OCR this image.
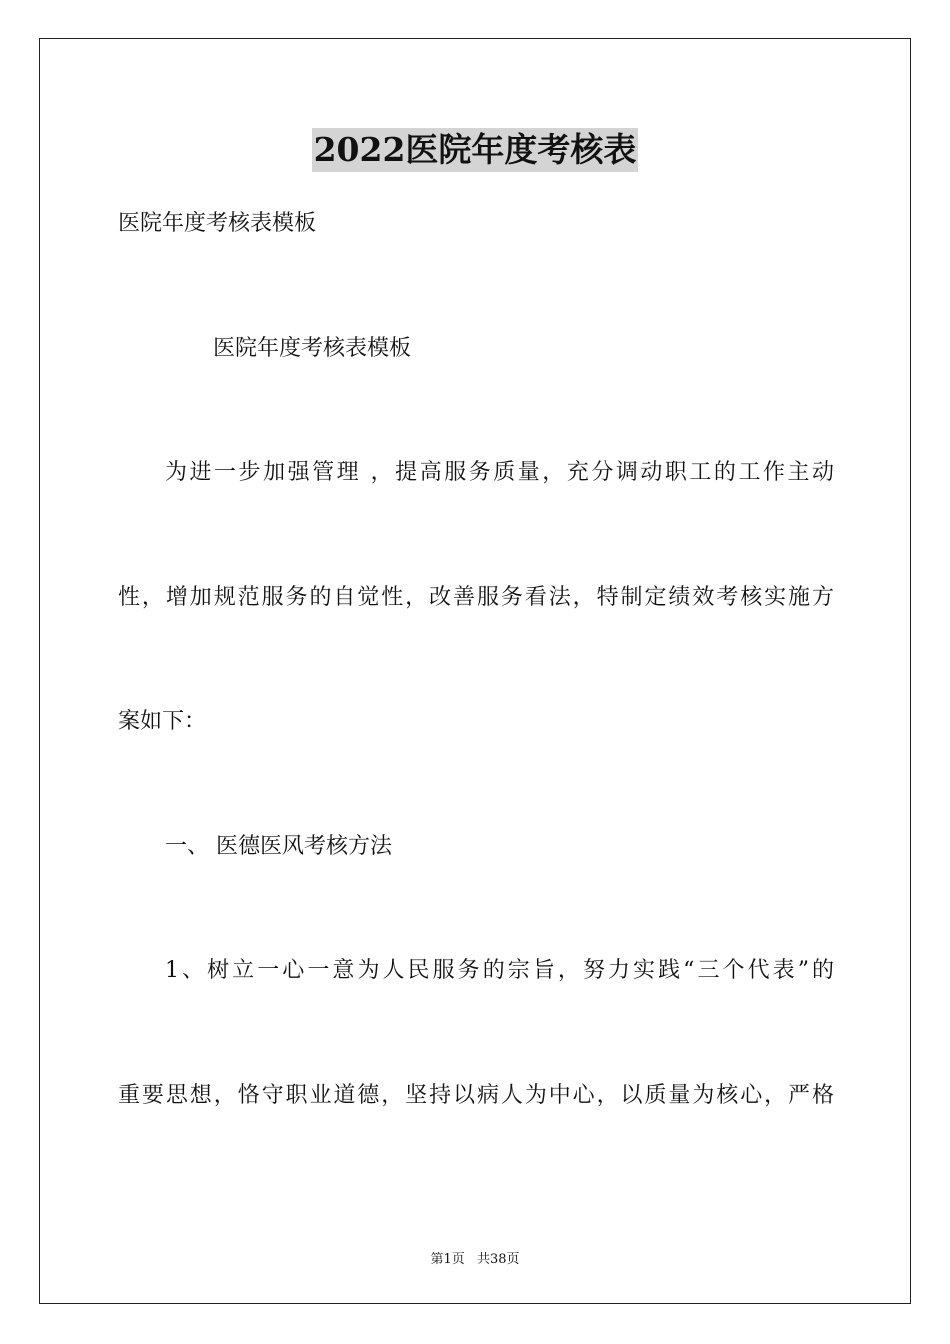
2022医院年度考核表
医院年度考核表模板
医院年度考核表模板
为进一步加强管理 ，提高服务质量，充分调动职工的工作主动
性，增加规范服务的自觉性，改善服务看法，特制定绩效考核实施方
案如下：
一、 医德医风考核方法
1、树立一心一意为人民服务的宗旨，努力实践“三个代表”的
重要思想，恪守职业道德，坚持以病人为中心，以质量为核心，严格
第1页 共38页
